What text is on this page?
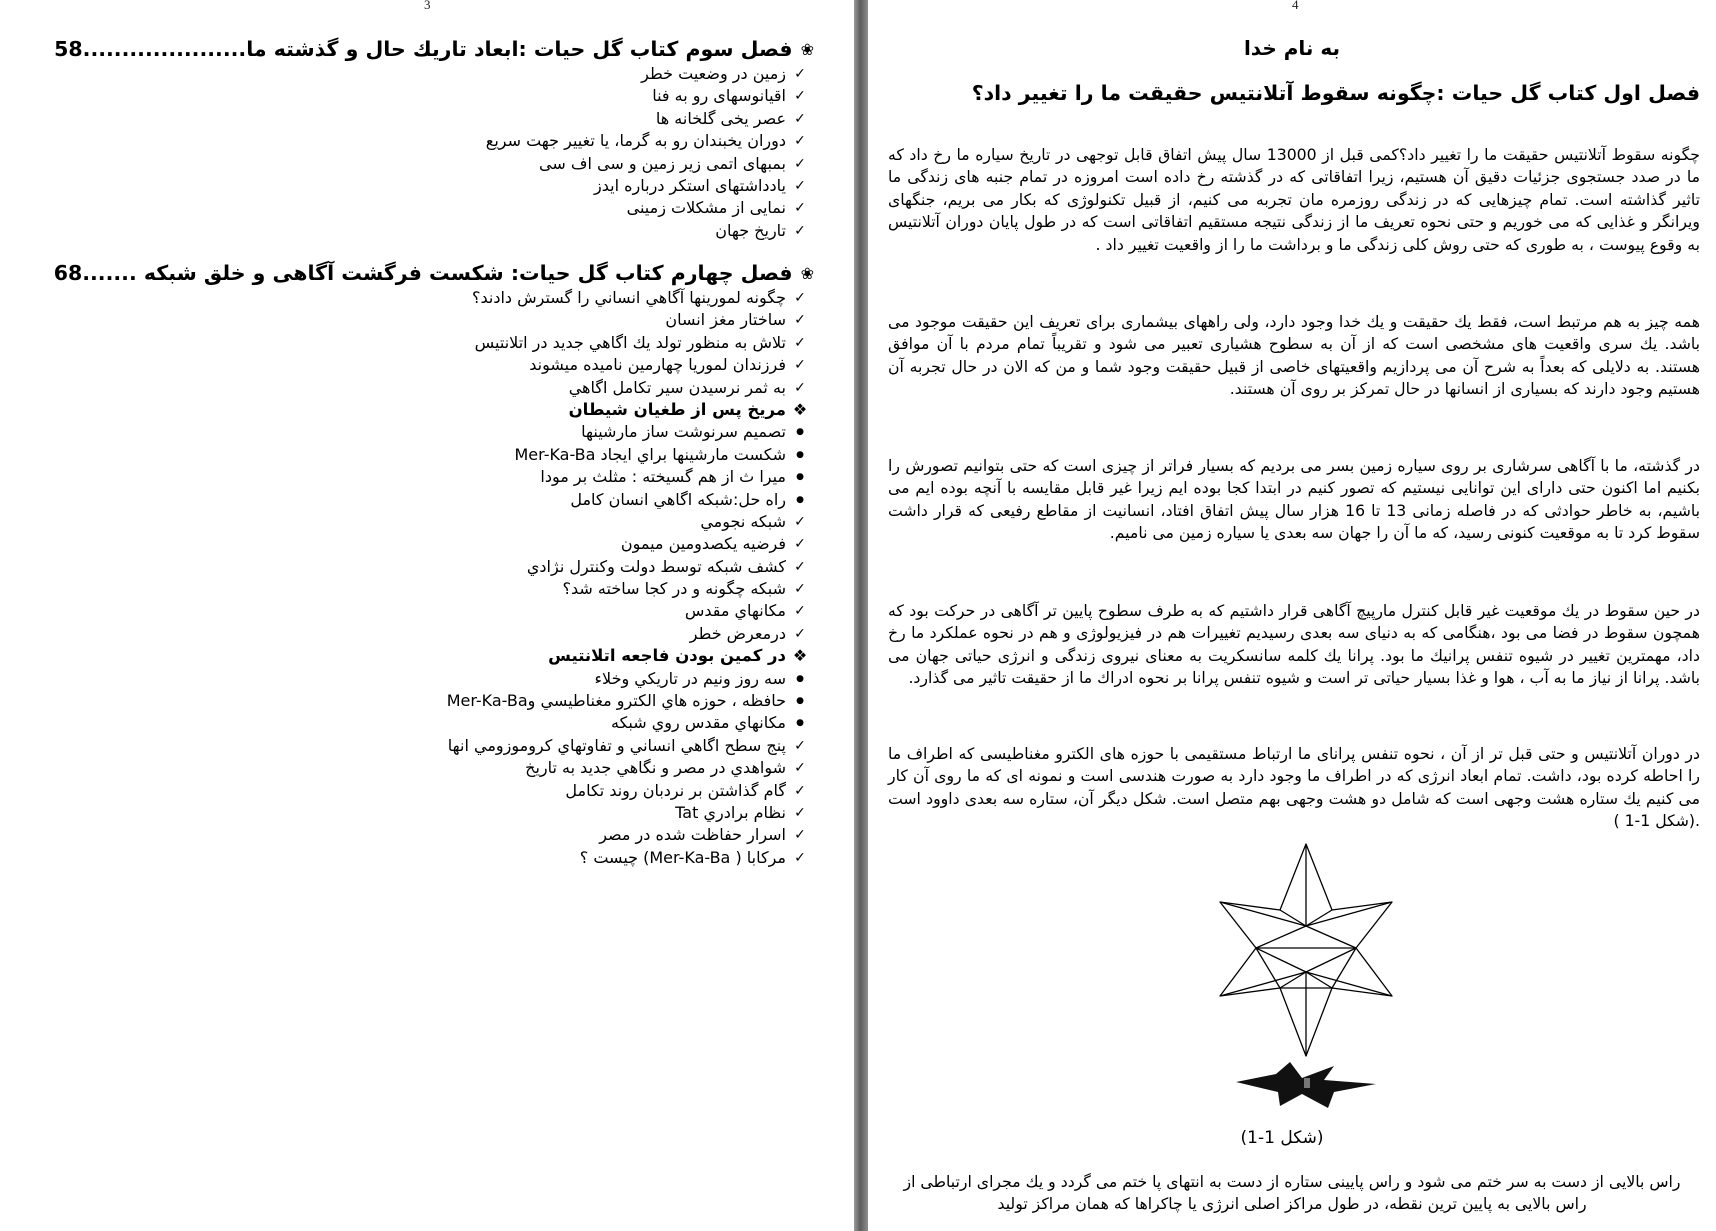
3
❀
فصل سوم کتاب گل حیات :ابعاد تاریك حال و گذشته ما.....................58
✓
زمین در وضعیت خطر
✓
اقیانوسهای رو به فنا
✓
عصر یخی گلخانه ها
✓
دوران یخبندان رو به گرما، یا تغییر جهت سریع
✓
بمبهای اتمی زیر زمین و سی اف سی
✓
یادداشتهای استکر درباره ایدز
✓
نمایی از مشکلات زمینی
✓
تاریخ جهان
❀
فصل چهارم کتاب گل حیات: شکست فرگشت آگاهی و خلق شبکه .......68
✓
چگونه لمورینها آگاهي انساني را گسترش دادند؟
✓
ساختار مغز انسان
✓
تلاش به منظور تولد يك اگاهي جديد در اتلانتيس
✓
فرزندان لموريا چهارمين ناميده ميشوند
✓
به ثمر نرسيدن سير تكامل اگاهي
❖
مريخ پس از طغيان شيطان
●
تصميم سرنوشت ساز مارشينها
●
شكست مارشينها براي ايجاد Mer-Ka-Ba
●
ميرا ث از هم گسيخته : مثلث بر مودا
●
راه حل:شبكه اگاهي انسان كامل
✓
شبكه نجومي
✓
فرضيه يكصدومين ميمون
✓
كشف شبكه توسط دولت وكنترل نژادي
✓
شبكه چگونه و در كجا ساخته شد؟
✓
مكانهاي مقدس
✓
درمعرض خطر
❖
در كمين بودن فاجعه اتلانتيس
●
سه روز ونيم در تاريكي وخلاء
●
حافظه ، حوزه هاي الكترو مغناطيسي وMer-Ka-Ba
●
مكانهاي مقدس روي شبكه
✓
پنج سطح اگاهي انساني و تفاوتهاي كروموزومي انها
✓
شواهدي در مصر و نگاهي جديد به تاريخ
✓
گام گذاشتن بر نردبان روند تكامل
✓
نظام برادري Tat
✓
اسرار حفاظت شده در مصر
✓
مركابا ( Mer-Ka-Ba) چيست ؟
4
به نام خدا
فصل اول کتاب گل حیات :چگونه سقوط آتلانتیس حقیقت ما را تغییر داد؟

چگونه سقوط آتلانتیس حقیقت ما را تغییر داد؟کمی قبل از 13000 سال پیش اتفاق قابل توجهی در تاریخ سیاره ما رخ داد که ما در صدد جستجوی جزئیات دقیق آن هستیم، زیرا اتفاقاتی که در گذشته رخ داده است امروزه در تمام جنبه های زندگی ما تاثیر گذاشته است. تمام چیزهایی که در زندگی روزمره مان تجربه می کنیم، از قبیل تکنولوژی که بکار می بریم، جنگهای ویرانگر و غذایی که می خوریم و حتی نحوه تعریف ما از زندگی نتیجه مستقیم اتفاقاتی است که در طول پایان دوران آتلانتیس به وقوع پیوست ، به طوری که حتی روش کلی زندگی ما و برداشت ما را از واقعیت تغییر داد .

همه چیز به هم مرتبط است، فقط یك حقیقت و یك خدا وجود دارد، ولی راههای بیشماری برای تعریف این حقیقت موجود می باشد. یك سری واقعیت های مشخصی است که از آن به سطوح هشیاری تعبیر می شود و تقریباً تمام مردم با آن موافق هستند. به دلایلی که بعداً به شرح آن می پردازیم واقعیتهای خاصی از قبیل حقیقت وجود شما و من که الان در حال تجربه آن هستیم وجود دارند که بسیاری از انسانها در حال تمرکز بر روی آن هستند.

در گذشته، ما با آگاهی سرشاری بر روی سیاره زمین بسر می بردیم که بسیار فراتر از چیزی است که حتی بتوانیم تصورش را بکنیم اما اکنون حتی دارای این توانایی نیستیم که تصور کنیم در ابتدا کجا بوده ایم زیرا غیر قابل مقایسه با آنچه بوده ایم می باشیم، به خاطر حوادثی که در فاصله زمانی 13 تا 16 هزار سال پیش اتفاق افتاد، انسانیت از مقاطع رفیعی که قرار داشت سقوط کرد تا به موقعیت کنونی رسید، که ما آن را جهان سه بعدی یا سیاره زمین می نامیم.

در حین سقوط در یك موقعیت غیر قابل کنترل مارپیچ آگاهی قرار داشتیم که به طرف سطوح پایین تر آگاهی در حرکت بود که همچون سقوط در فضا می بود ،هنگامی که به دنیای سه بعدی رسیدیم تغییرات هم در فیزیولوژی و هم در نحوه عملکرد ما رخ داد، مهمترین تغییر در شیوه تنفس پرانیك ما بود. پرانا یك کلمه سانسکریت به معنای نیروی زندگی و انرژی حیاتی جهان می باشد. پرانا از نیاز ما به آب ، هوا و غذا بسیار حیاتی تر است و شیوه تنفس پرانا بر نحوه ادراك ما از حقیقت تاثیر می گذارد.

در دوران آتلانتیس و حتی قبل تر از آن ، نحوه تنفس پرانای ما ارتباط مستقیمی با حوزه های الکترو مغناطیسی که اطراف ما را احاطه کرده بود، داشت. تمام ابعاد انرژی که در اطراف ما وجود دارد به صورت هندسی است و نمونه ای که ما روی آن کار می کنیم یك ستاره هشت وجهی است که شامل دو هشت وجهی بهم متصل است. شکل دیگر آن، ستاره سه بعدی داوود است .(شکل 1-1 )

(شکل 1-1)

راس بالایی از دست به سر ختم می شود و راس پایینی ستاره از دست به انتهای پا ختم می گردد و یك مجرای ارتباطی از راس بالایی به پایین ترین نقطه، در طول مراکز اصلی انرژی یا چاکراها که همان مراکز تولید
